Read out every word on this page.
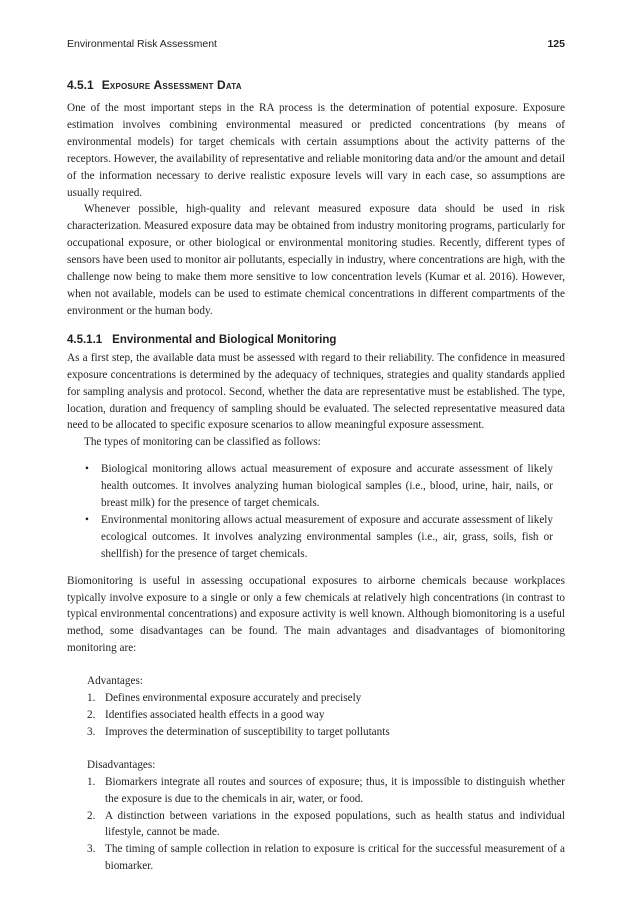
Environmental Risk Assessment	125
4.5.1 Exposure Assessment Data

One of the most important steps in the RA process is the determination of potential exposure. Exposure estimation involves combining environmental measured or predicted concentrations (by means of environmental models) for target chemicals with certain assumptions about the activity patterns of the receptors. However, the availability of representative and reliable monitoring data and/or the amount and detail of the information necessary to derive realistic exposure levels will vary in each case, so assumptions are usually required.

Whenever possible, high-quality and relevant measured exposure data should be used in risk characterization. Measured exposure data may be obtained from industry monitoring programs, particularly for occupational exposure, or other biological or environmental monitoring studies. Recently, different types of sensors have been used to monitor air pollutants, especially in industry, where concentrations are high, with the challenge now being to make them more sensitive to low concentration levels (Kumar et al. 2016). However, when not available, models can be used to estimate chemical concentrations in different compartments of the environment or the human body.

4.5.1.1 Environmental and Biological Monitoring

As a first step, the available data must be assessed with regard to their reliability. The confidence in measured exposure concentrations is determined by the adequacy of techniques, strategies and quality standards applied for sampling analysis and protocol. Second, whether the data are representative must be established. The type, location, duration and frequency of sampling should be evaluated. The selected representative measured data need to be allocated to specific exposure scenarios to allow meaningful exposure assessment.

The types of monitoring can be classified as follows:

• Biological monitoring allows actual measurement of exposure and accurate assessment of likely health outcomes. It involves analyzing human biological samples (i.e., blood, urine, hair, nails, or breast milk) for the presence of target chemicals.
• Environmental monitoring allows actual measurement of exposure and accurate assessment of likely ecological outcomes. It involves analyzing environmental samples (i.e., air, grass, soils, fish or shellfish) for the presence of target chemicals.

Biomonitoring is useful in assessing occupational exposures to airborne chemicals because workplaces typically involve exposure to a single or only a few chemicals at relatively high concentrations (in contrast to typical environmental concentrations) and exposure activity is well known. Although biomonitoring is a useful method, some disadvantages can be found. The main advantages and disadvantages of biomonitoring monitoring are:

Advantages:
1. Defines environmental exposure accurately and precisely
2. Identifies associated health effects in a good way
3. Improves the determination of susceptibility to target pollutants
Disadvantages:
1. Biomarkers integrate all routes and sources of exposure; thus, it is impossible to distinguish whether the exposure is due to the chemicals in air, water, or food.
2. A distinction between variations in the exposed populations, such as health status and individual lifestyle, cannot be made.
3. The timing of sample collection in relation to exposure is critical for the successful measurement of a biomarker.
